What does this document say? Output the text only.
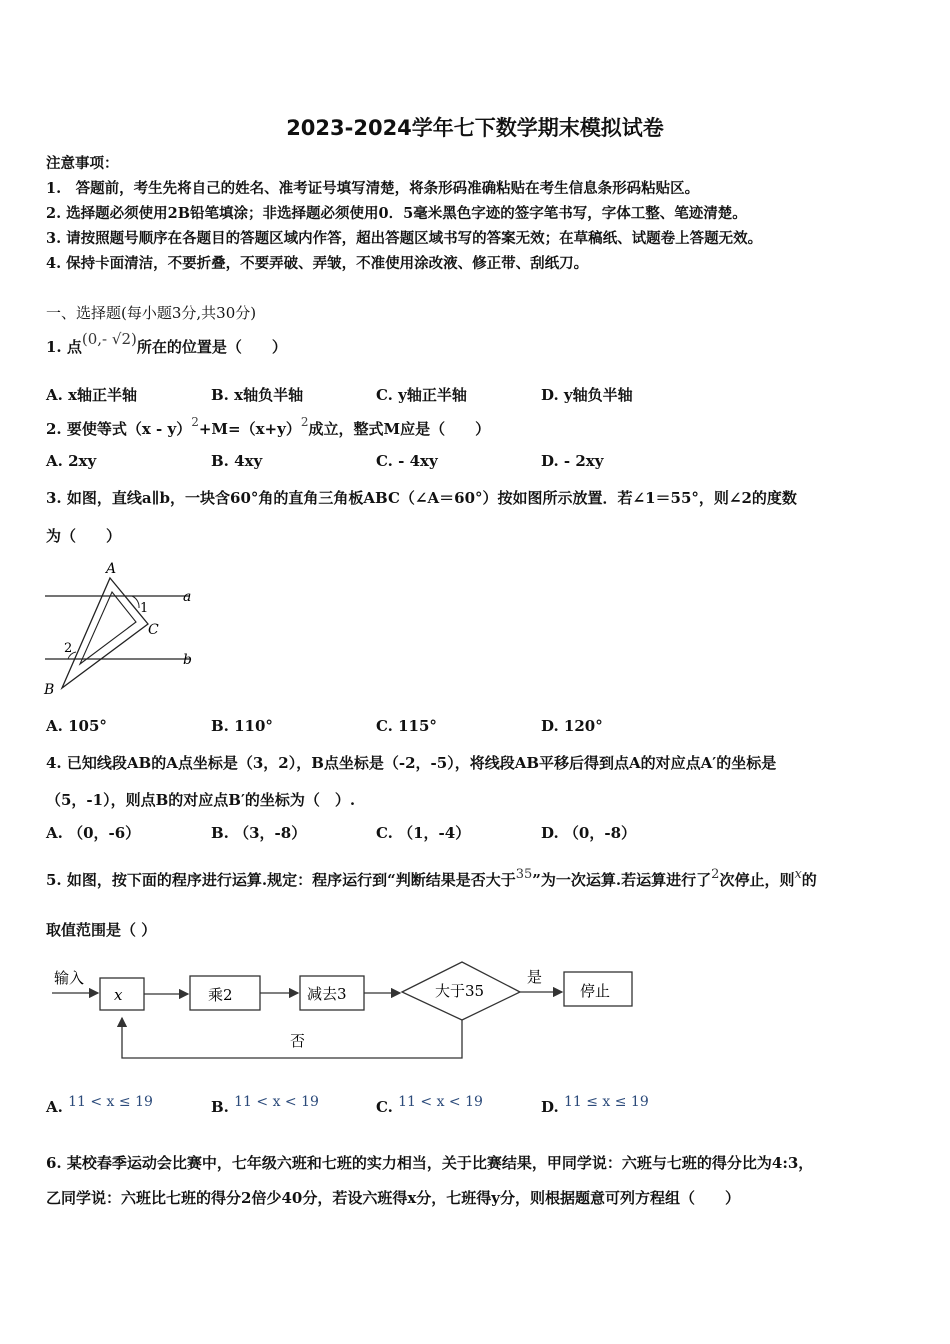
2023-2024学年七下数学期末模拟试卷
注意事项：
1.　答题前，考生先将自己的姓名、准考证号填写清楚，将条形码准确粘贴在考生信息条形码粘贴区。
2. 选择题必须使用2B铅笔填涂；非选择题必须使用0．5毫米黑色字迹的签字笔书写，字体工整、笔迹清楚。
3. 请按照题号顺序在各题目的答题区域内作答，超出答题区域书写的答案无效；在草稿纸、试题卷上答题无效。
4. 保持卡面清洁，不要折叠，不要弄破、弄皱，不准使用涂改液、修正带、刮纸刀。
一、选择题(每小题3分,共30分)
1. 点(0,- √2)所在的位置是（　　）
A. x轴正半轴	B. x轴负半轴	C. y轴正半轴	D. y轴负半轴
2. 要使等式$(x - y)^2+M=(x+y)^2$成立，整式M应是（　　）
A. 2xy	B. 4xy	C. - 4xy	D. - 2xy
3. 如图，直线a∥b，一块含60°角的直角三角板ABC（∠A＝60°）按如图所示放置．若∠1＝55°，则∠2的度数
为（　　）
A
B
C
a
b
1
2
A. 105°	B. 110°	C. 115°	D. 120°
4. 已知线段AB的A点坐标是（3，2），B点坐标是（-2，-5），将线段AB平移后得到点A的对应点A′的坐标是
（5，-1），则点B的对应点B′的坐标为（　）.
A. （0，-6）	B. （3，-8）	C. （1，-4）	D. （0，-8）
5. 如图，按下面的程序进行运算.规定：程序运行到“判断结果是否大于35”为一次运算.若运算进行了2次停止，则x的
取值范围是（ ）
输入
x	乘2	减去3	大于35
是
停止
否
A. 11 < x ≤ 19	B. 11 < x < 19	C. 11 < x < 19	D. 11 ≤ x ≤ 19
6. 某校春季运动会比赛中，七年级六班和七班的实力相当，关于比赛结果，甲同学说：六班与七班的得分比为4:3，
乙同学说：六班比七班的得分2倍少40分，若设六班得x分，七班得y分，则根据题意可列方程组（　　）
